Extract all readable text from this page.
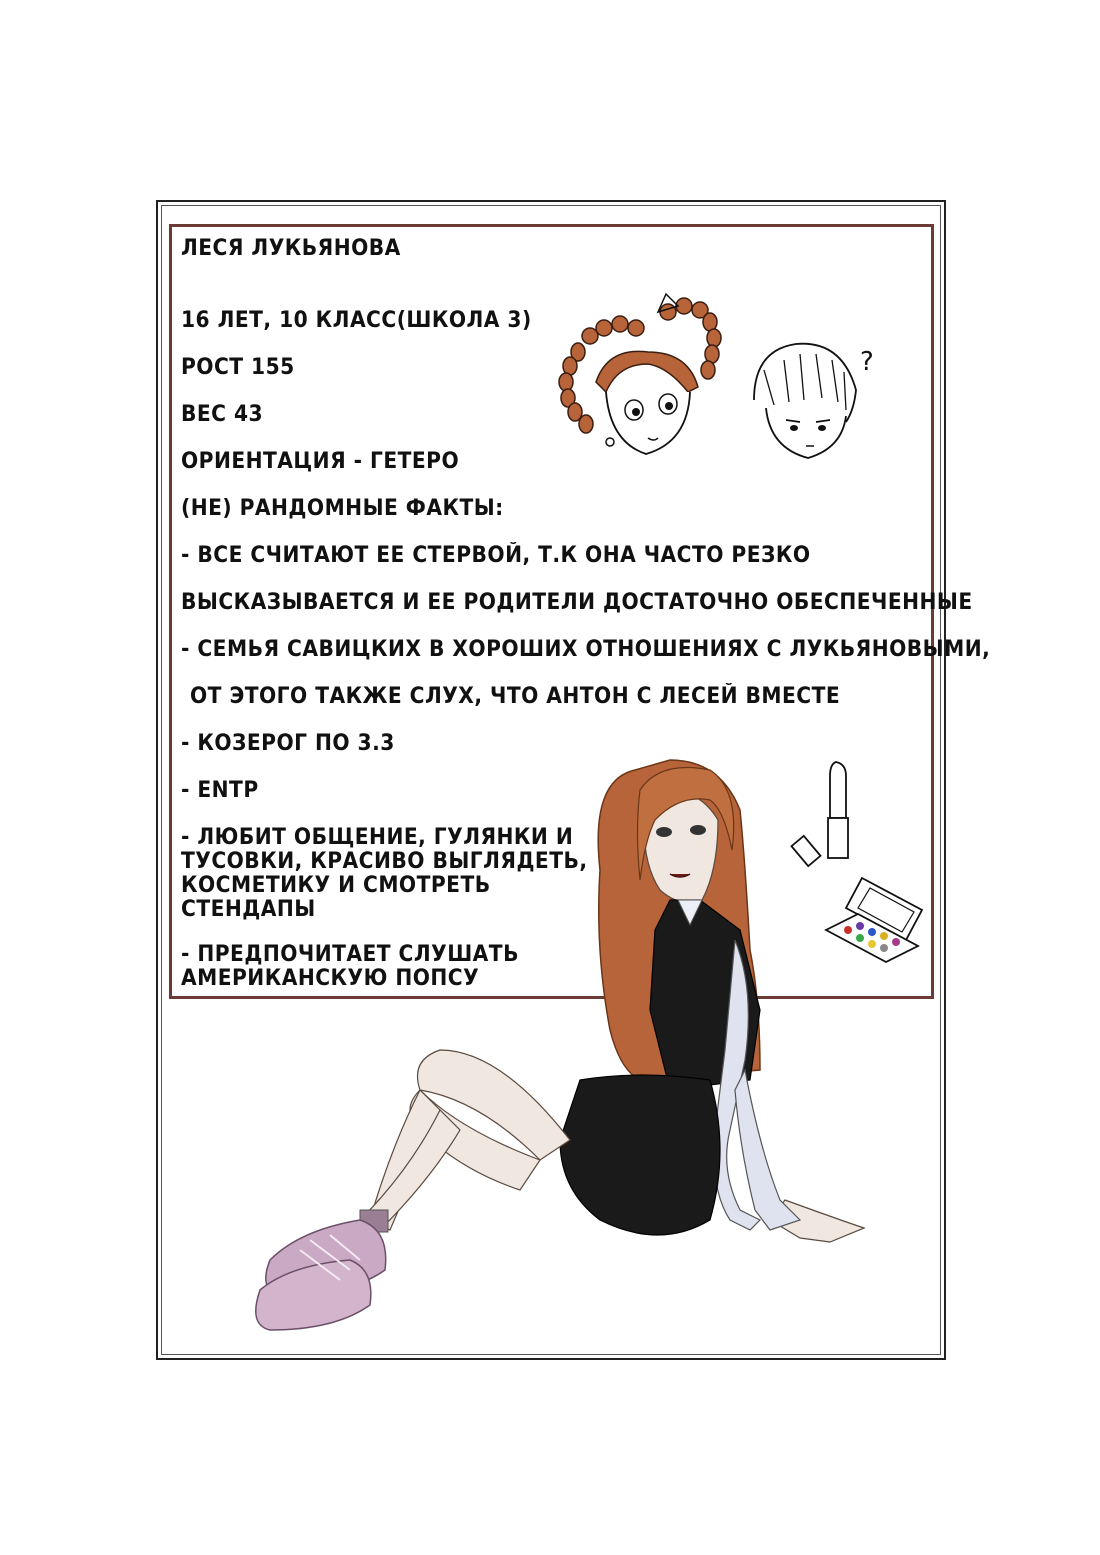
ЛЕСЯ ЛУКЬЯНОВА
16 ЛЕТ, 10 КЛАСС(ШКОЛА 3)
РОСТ 155
ВЕС 43
ОРИЕНТАЦИЯ - ГЕТЕРО
(НЕ) РАНДОМНЫЕ ФАКТЫ:
- ВСЕ СЧИТАЮТ ЕЕ СТЕРВОЙ, Т.К ОНА ЧАСТО РЕЗКО
ВЫСКАЗЫВАЕТСЯ И ЕЕ РОДИТЕЛИ ДОСТАТОЧНО ОБЕСПЕЧЕННЫЕ
- СЕМЬЯ САВИЦКИХ В ХОРОШИХ ОТНОШЕНИЯХ С ЛУКЬЯНОВЫМИ,
ОТ ЭТОГО ТАКЖЕ СЛУХ, ЧТО АНТОН С ЛЕСЕЙ ВМЕСТЕ
- КОЗЕРОГ ПО 3.3
- ENTP
- ЛЮБИТ ОБЩЕНИЕ, ГУЛЯНКИ И
ТУСОВКИ, КРАСИВО ВЫГЛЯДЕТЬ,
КОСМЕТИКУ И СМОТРЕТЬ
СТЕНДАПЫ
- ПРЕДПОЧИТАЕТ СЛУШАТЬ
АМЕРИКАНСКУЮ ПОПСУ
?
